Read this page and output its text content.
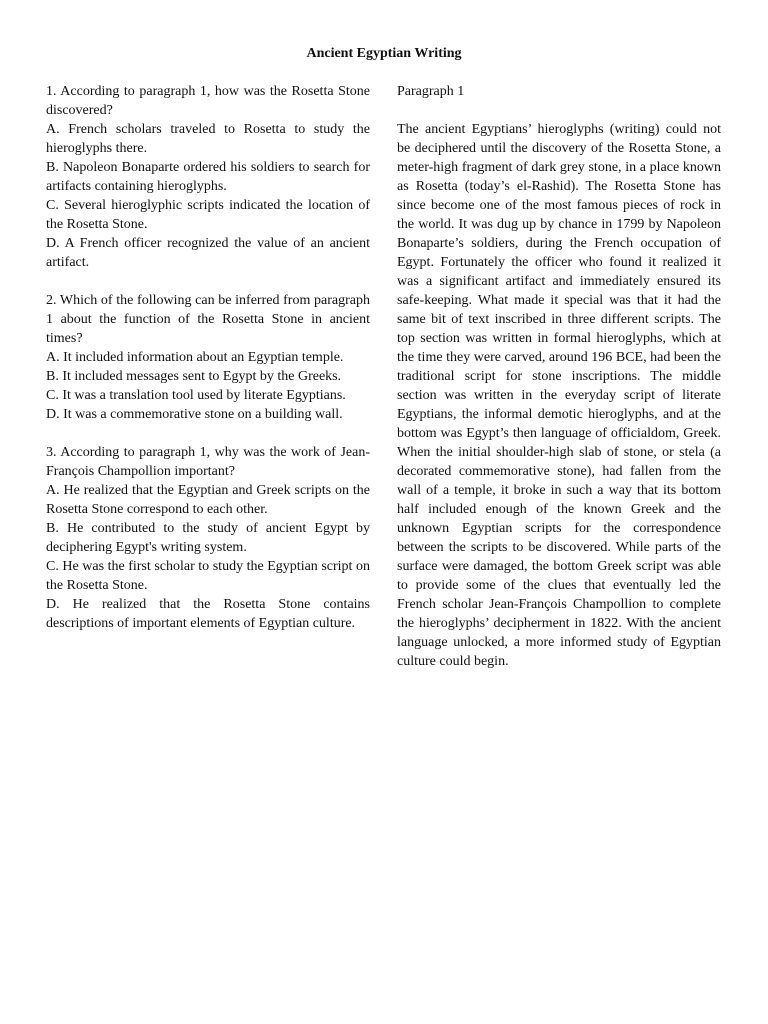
Ancient Egyptian Writing

1. According to paragraph 1, how was the Rosetta Stone discovered?

A. French scholars traveled to Rosetta to study the hieroglyphs there.

B. Napoleon Bonaparte ordered his soldiers to search for artifacts containing hieroglyphs.

C. Several hieroglyphic scripts indicated the location of the Rosetta Stone.

D. A French officer recognized the value of an ancient artifact.

2. Which of the following can be inferred from paragraph 1 about the function of the Rosetta Stone in ancient times?

A. It included information about an Egyptian temple.

B. It included messages sent to Egypt by the Greeks.

C. It was a translation tool used by literate Egyptians.

D. It was a commemorative stone on a building wall.

3. According to paragraph 1, why was the work of Jean-François Champollion important?

A. He realized that the Egyptian and Greek scripts on the Rosetta Stone correspond to each other.

B. He contributed to the study of ancient Egypt by deciphering Egypt's writing system.

C. He was the first scholar to study the Egyptian script on the Rosetta Stone.

D. He realized that the Rosetta Stone contains descriptions of important elements of Egyptian culture.

Paragraph 1

The ancient Egyptians’ hieroglyphs (writing) could not be deciphered until the discovery of the Rosetta Stone, a meter-high fragment of dark grey stone, in a place known as Rosetta (today’s el-Rashid). The Rosetta Stone has since become one of the most famous pieces of rock in the world. It was dug up by chance in 1799 by Napoleon Bonaparte’s soldiers, during the French occupation of Egypt. Fortunately the officer who found it realized it was a significant artifact and immediately ensured its safe-keeping. What made it special was that it had the same bit of text inscribed in three different scripts. The top section was written in formal hieroglyphs, which at the time they were carved, around 196 BCE, had been the traditional script for stone inscriptions. The middle section was written in the everyday script of literate Egyptians, the informal demotic hieroglyphs, and at the bottom was Egypt’s then language of officialdom, Greek. When the initial shoulder-high slab of stone, or stela (a decorated commemorative stone), had fallen from the wall of a temple, it broke in such a way that its bottom half included enough of the known Greek and the unknown Egyptian scripts for the correspondence between the scripts to be discovered. While parts of the surface were damaged, the bottom Greek script was able to provide some of the clues that eventually led the French scholar Jean-François Champollion to complete the hieroglyphs’ decipherment in 1822. With the ancient language unlocked, a more informed study of Egyptian culture could begin.
